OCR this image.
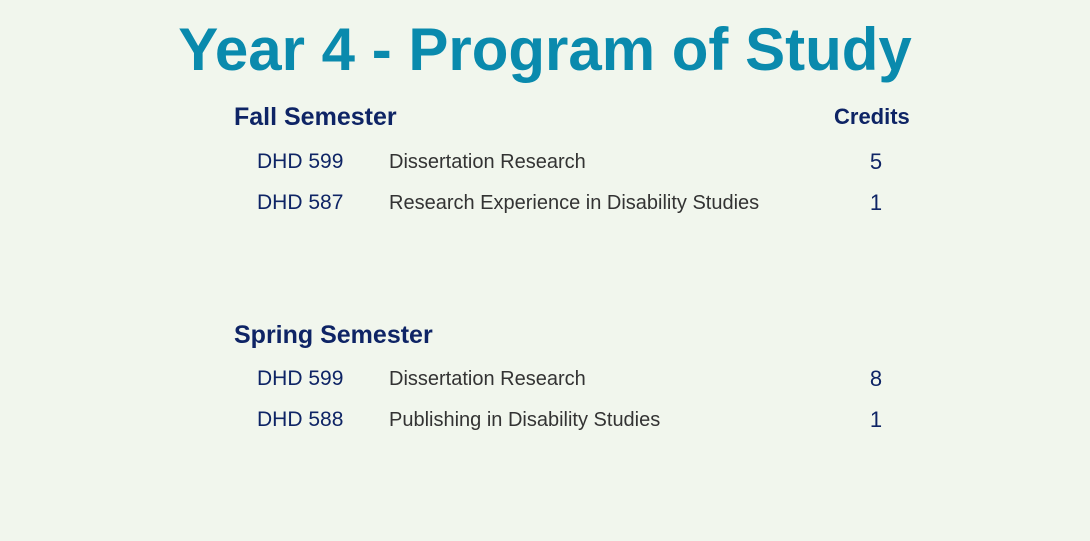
Year 4 - Program of Study
Fall Semester	Credits
DHD 599 Dissertation Research	5
DHD 587 Research Experience in Disability Studies	1
Spring Semester
DHD 599 Dissertation Research	8
DHD 588 Publishing in Disability Studies	1
